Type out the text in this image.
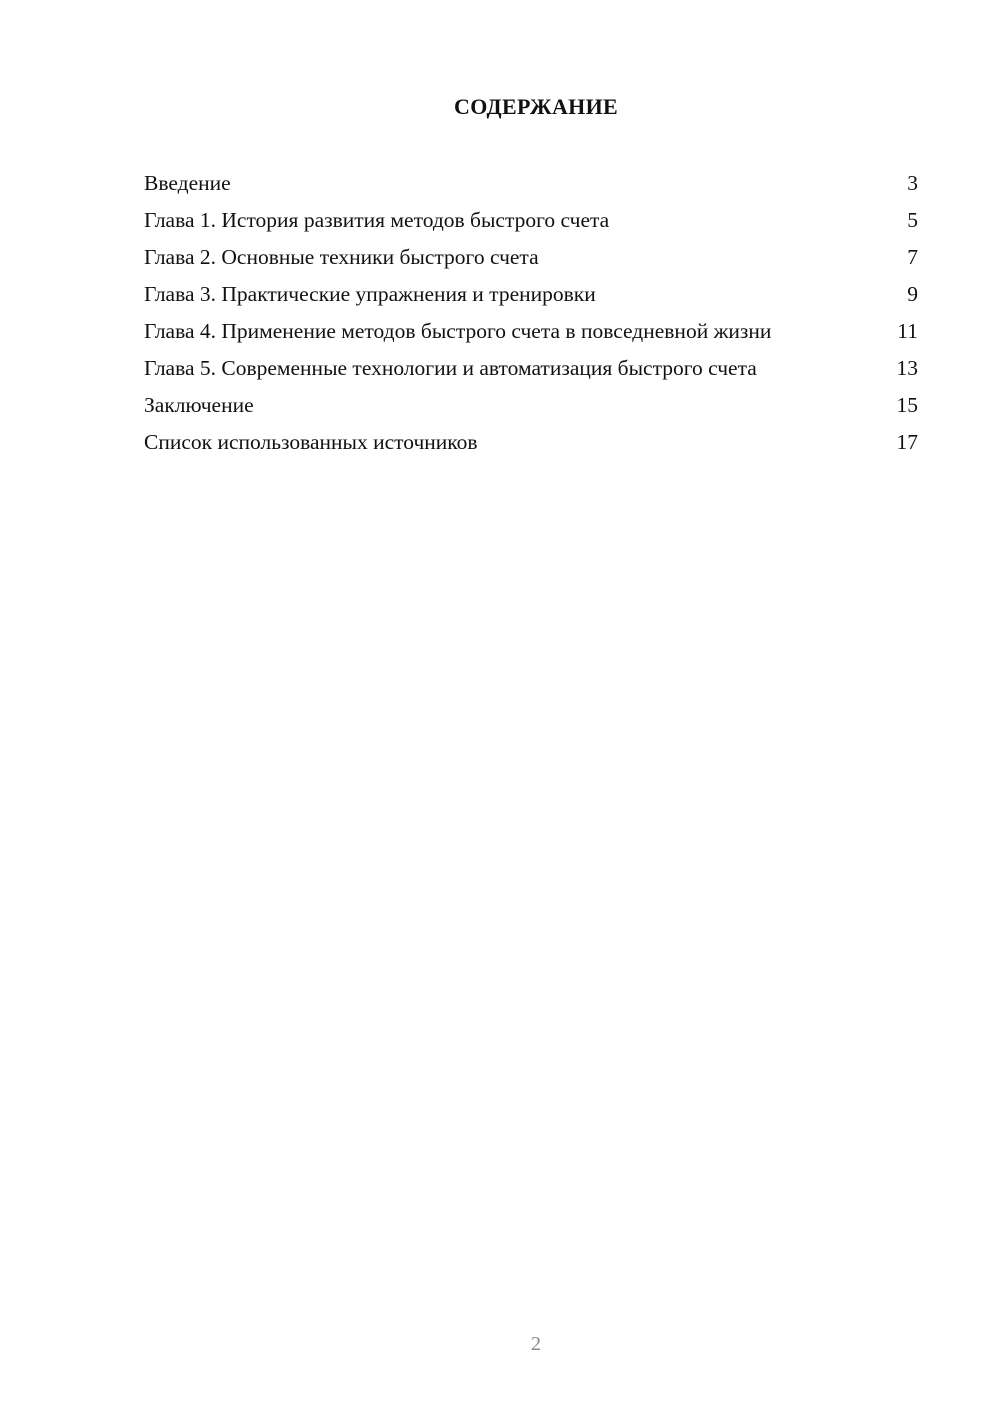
СОДЕРЖАНИЕ
Введение	3
Глава 1. История развития методов быстрого счета	5
Глава 2. Основные техники быстрого счета	7
Глава 3. Практические упражнения и тренировки	9
Глава 4. Применение методов быстрого счета в повседневной жизни	11
Глава 5. Современные технологии и автоматизация быстрого счета	13
Заключение	15
Список использованных источников	17
2
